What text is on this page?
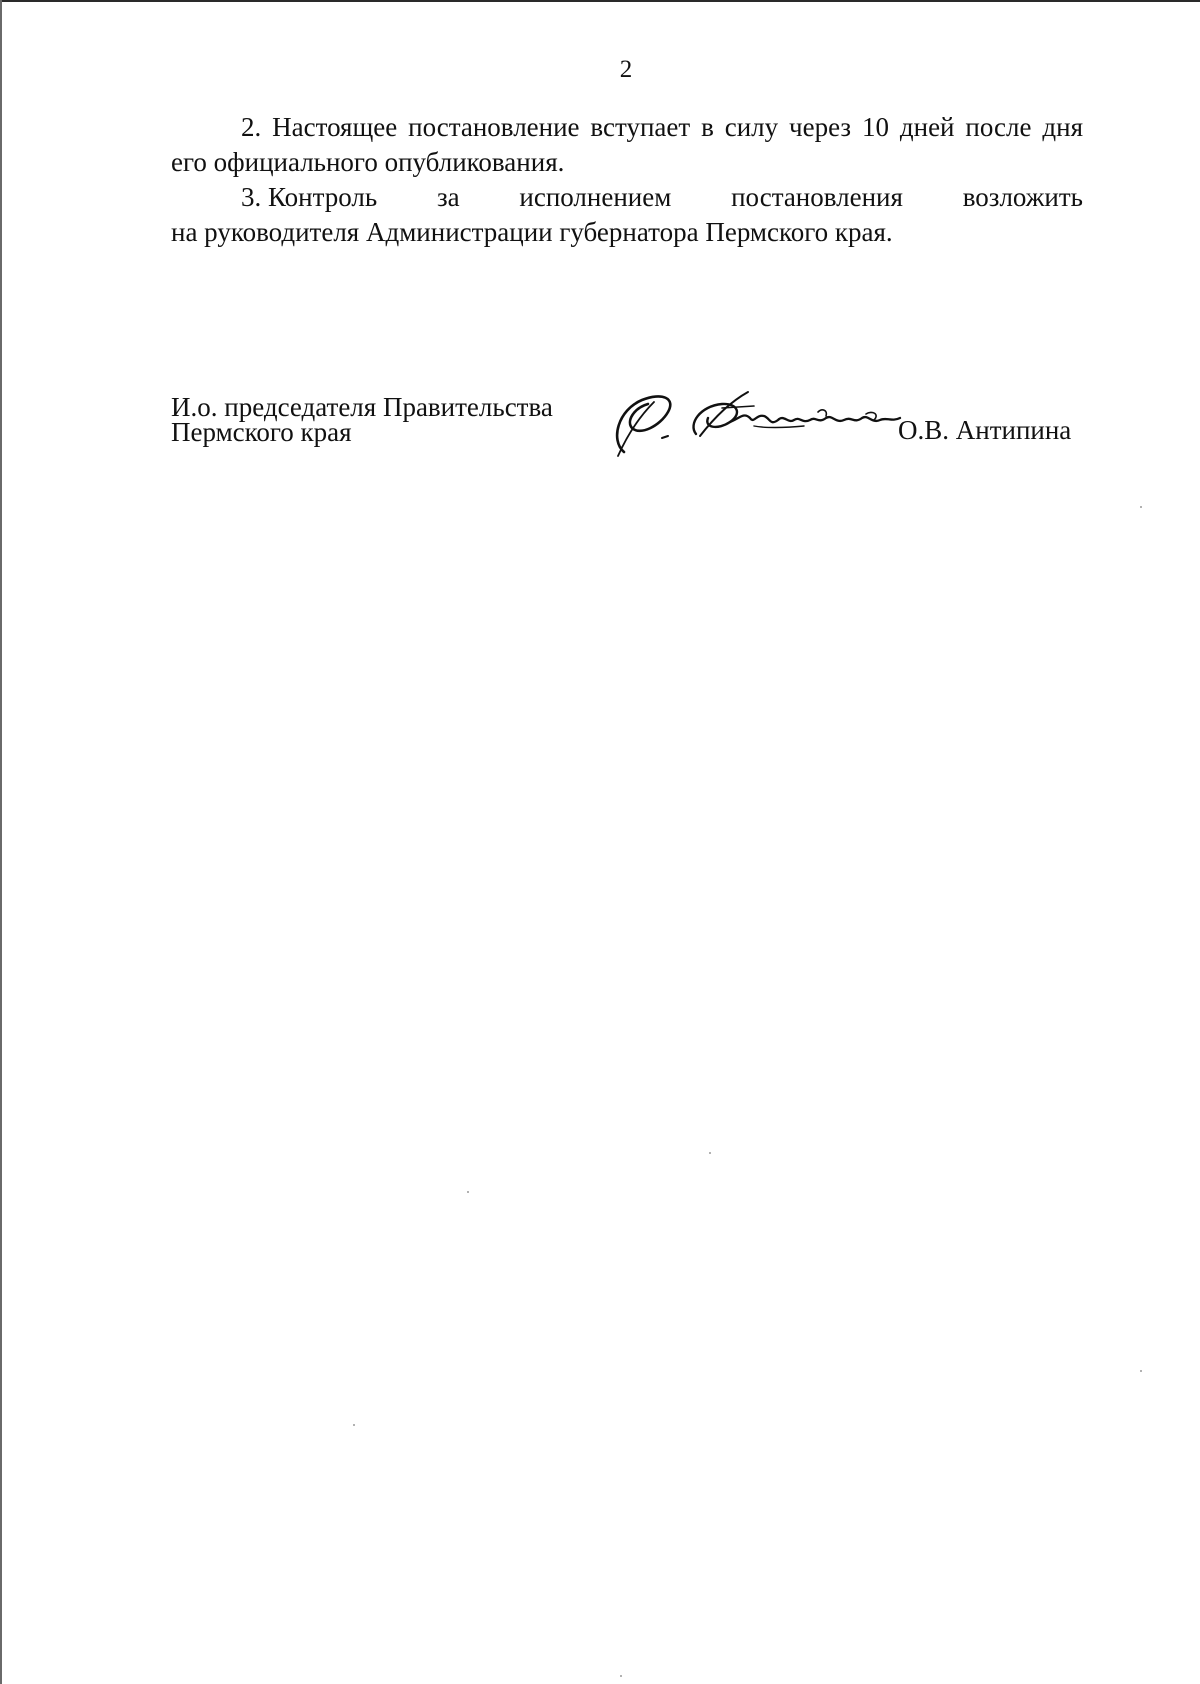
2

2. Настоящее постановление вступает в силу через 10 дней после дня его официального опубликования.

3. Контроль за исполнением постановления возложить
на руководителя Администрации губернатора Пермского края.
И.о. председателя Правительства
Пермского края	О.В. Антипина
